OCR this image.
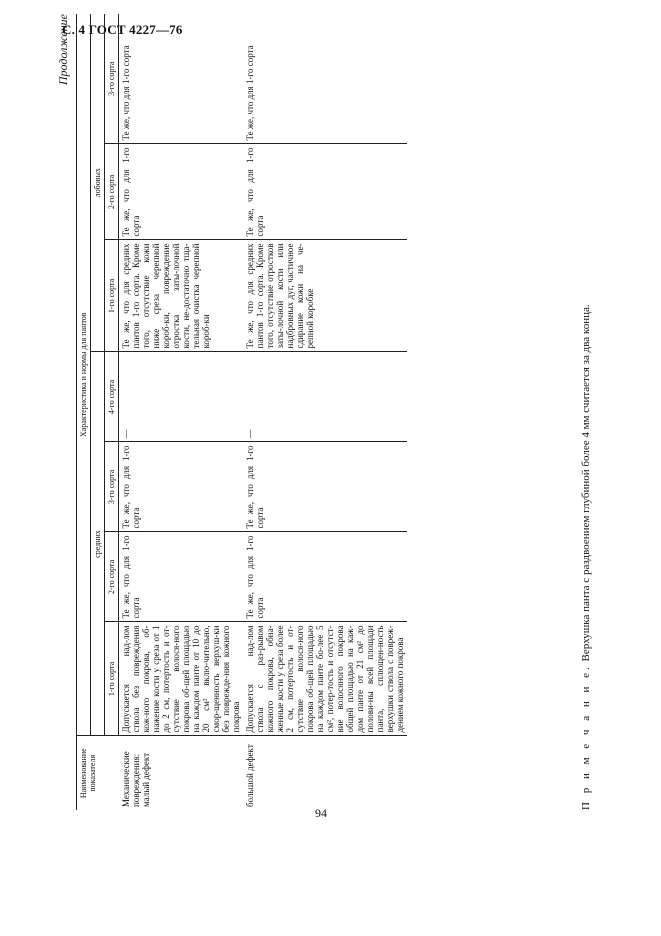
С. 4 ГОСТ 4227—76
Продолжение
Наименование показателя	Характеристика и нормы для пантов						
	средних				лобовых		
	1-го сорта	2-го сорта	3-го сорта	4-го сорта	1-го сорта	2-го сорта	3-го сорта
Механические повреждения: малый дефект	Допускается над-лом ствола без повреждения кож-ного покрова, об-нажение кости у среза от 1 до 2 см, потертость и от-сутствие волося-ного покрова об-щей площадью на каждом панте от 10 до 20 см² вклю-чительно, смор-щенность верхуш-ки без поврежде-ния кожного покрова	Те же, что для 1-го сорта	Те же, что для 1-го сорта	—	Те же, что для средних пантов 1-го сорта. Кроме того, отсутствие кожи ниже среза черепной короб-ки, повреждение отростка заты-лочной кости, не-достаточно тща-тельная очистка черепной короб-ки	Те же, что для 1-го сорта	Те же, что для 1-го сорта
большой дефект	Допускается над-лом ствола с раз-рывом кожного покрова, обна-женные кости у среза более 2 см, потертость и от-сутствие волося-ного покрова об-щей площадью на каждом панте бо-лее 5 см², потер-тость и отсутст-вие волосяного покрова общей площадью на каж-дом панте от 21 см² до полови-ны всей площади панта, сплющен-ность верхушки ствола с повреж-дением кожного покрова	Те же, что для 1-го сорта	Те же, что для 1-го сорта	—	Те же, что для средних пантов 1-го сорта. Кроме того, отсутствие отростков заты-лочной кости или надбровных дуг, частичное сдирание кожи на че-репной коробке	Те же, что для 1-го сорта	Те же, что для 1-го сорта
П р и м е ч а н и е. Верхушка панта с раздвоением глубиной более 4 мм считается за два конца.
94
